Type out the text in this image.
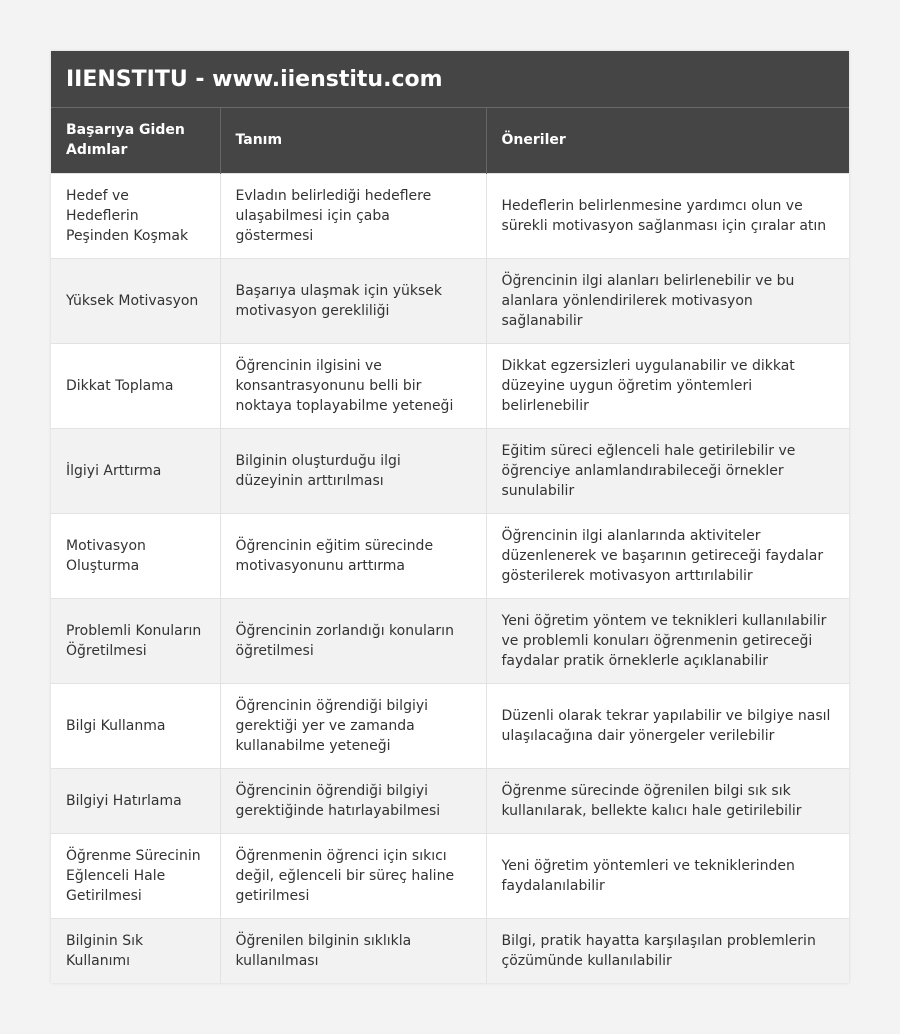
IIENSTITU - www.iienstitu.com
Başarıya Giden Adımlar	Tanım	Öneriler
Hedef ve Hedeflerin Peşinden Koşmak	Evladın belirlediği hedeflere ulaşabilmesi için çaba göstermesi	Hedeflerin belirlenmesine yardımcı olun ve sürekli motivasyon sağlanması için çıralar atın
Yüksek Motivasyon	Başarıya ulaşmak için yüksek motivasyon gerekliliği	Öğrencinin ilgi alanları belirlenebilir ve bu alanlara yönlendirilerek motivasyon sağlanabilir
Dikkat Toplama	Öğrencinin ilgisini ve konsantrasyonunu belli bir noktaya toplayabilme yeteneği	Dikkat egzersizleri uygulanabilir ve dikkat düzeyine uygun öğretim yöntemleri belirlenebilir
İlgiyi Arttırma	Bilginin oluşturduğu ilgi düzeyinin arttırılması	Eğitim süreci eğlenceli hale getirilebilir ve öğrenciye anlamlandırabileceği örnekler sunulabilir
Motivasyon Oluşturma	Öğrencinin eğitim sürecinde motivasyonunu arttırma	Öğrencinin ilgi alanlarında aktiviteler düzenlenerek ve başarının getireceği faydalar gösterilerek motivasyon arttırılabilir
Problemli Konuların Öğretilmesi	Öğrencinin zorlandığı konuların öğretilmesi	Yeni öğretim yöntem ve teknikleri kullanılabilir ve problemli konuları öğrenmenin getireceği faydalar pratik örneklerle açıklanabilir
Bilgi Kullanma	Öğrencinin öğrendiği bilgiyi gerektiği yer ve zamanda kullanabilme yeteneği	Düzenli olarak tekrar yapılabilir ve bilgiye nasıl ulaşılacağına dair yönergeler verilebilir
Bilgiyi Hatırlama	Öğrencinin öğrendiği bilgiyi gerektiğinde hatırlayabilmesi	Öğrenme sürecinde öğrenilen bilgi sık sık kullanılarak, bellekte kalıcı hale getirilebilir
Öğrenme Sürecinin Eğlenceli Hale Getirilmesi	Öğrenmenin öğrenci için sıkıcı değil, eğlenceli bir süreç haline getirilmesi	Yeni öğretim yöntemleri ve tekniklerinden faydalanılabilir
Bilginin Sık Kullanımı	Öğrenilen bilginin sıklıkla kullanılması	Bilgi, pratik hayatta karşılaşılan problemlerin çözümünde kullanılabilir
